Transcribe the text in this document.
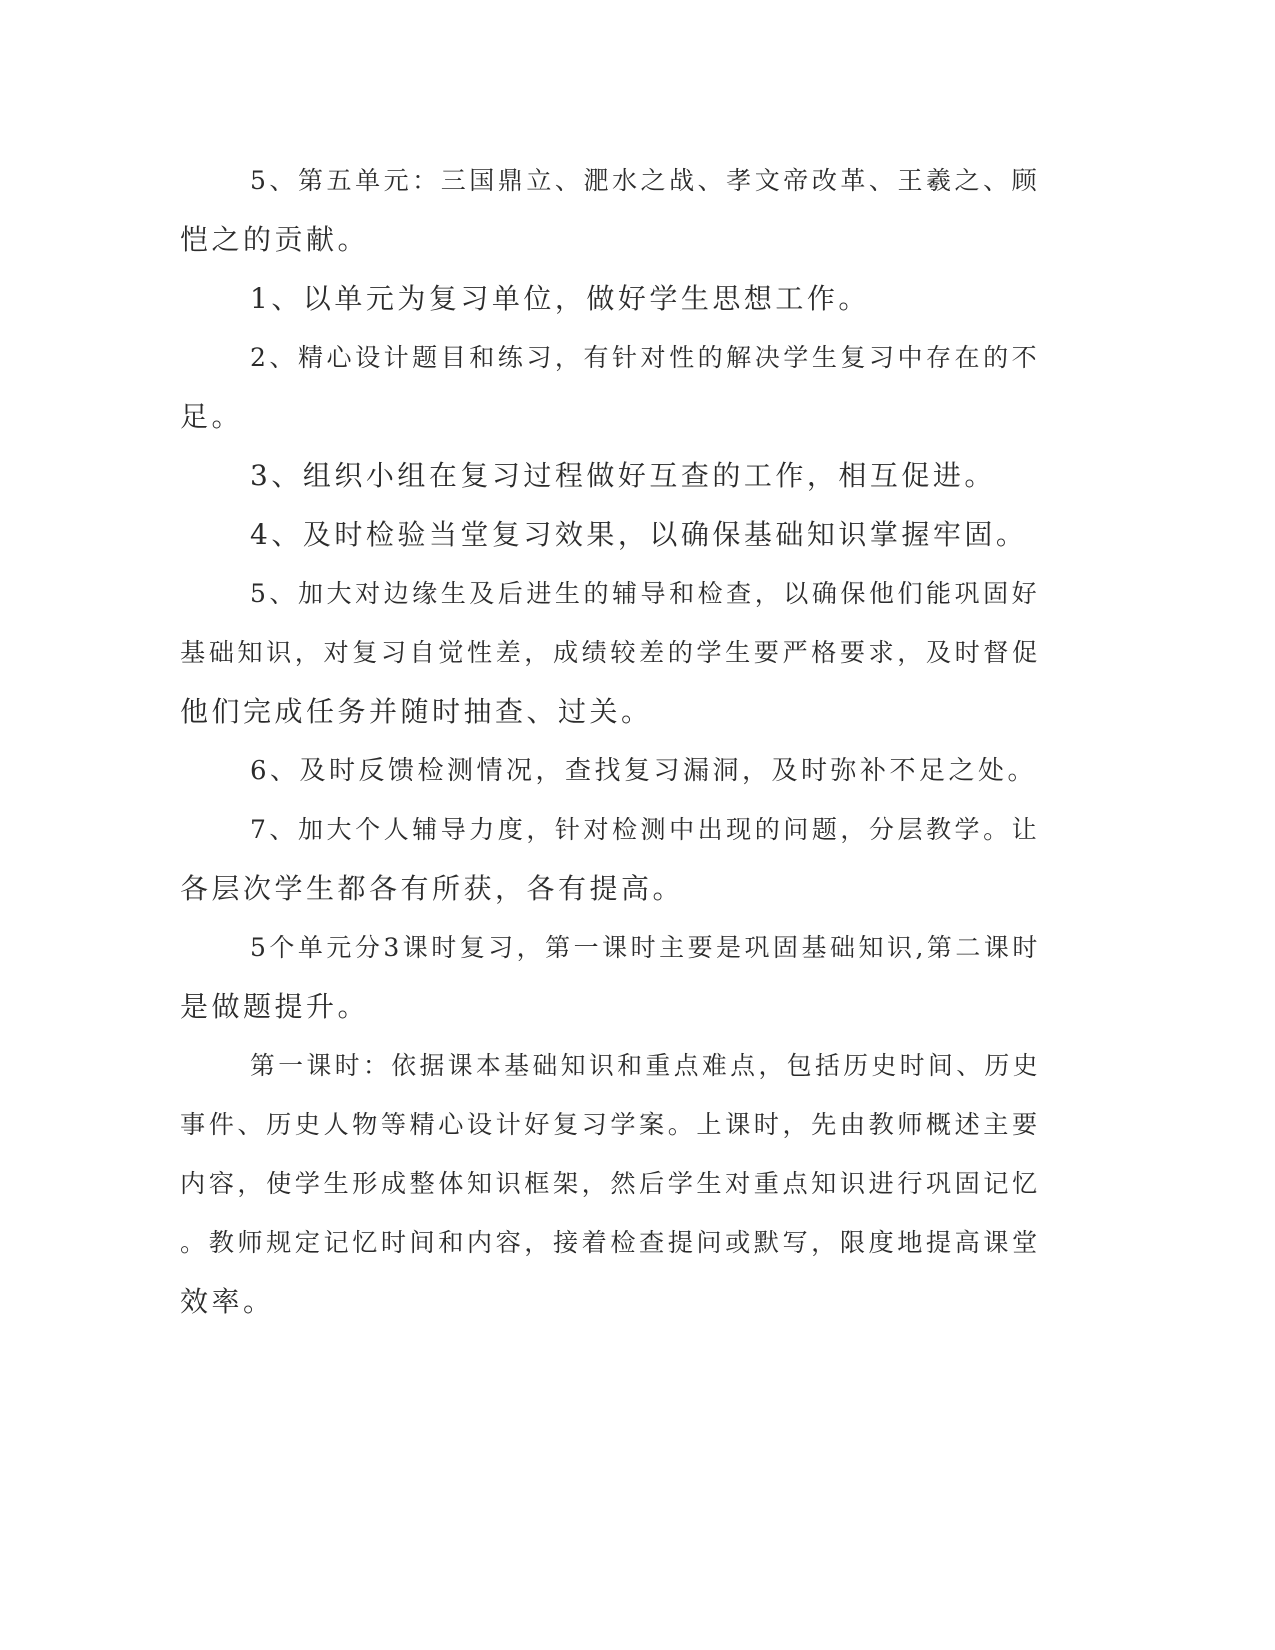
5、第五单元：三国鼎立、淝水之战、孝文帝改革、王羲之、顾

恺之的贡献。

1、以单元为复习单位，做好学生思想工作。

2、精心设计题目和练习，有针对性的解决学生复习中存在的不

足。

3、组织小组在复习过程做好互查的工作，相互促进。

4、及时检验当堂复习效果，以确保基础知识掌握牢固。

5、加大对边缘生及后进生的辅导和检查，以确保他们能巩固好

基础知识，对复习自觉性差，成绩较差的学生要严格要求，及时督促

他们完成任务并随时抽查、过关。

6、及时反馈检测情况，查找复习漏洞，及时弥补不足之处。

7、加大个人辅导力度，针对检测中出现的问题，分层教学。让

各层次学生都各有所获，各有提高。

5个单元分3课时复习，第一课时主要是巩固基础知识,第二课时

是做题提升。

第一课时：依据课本基础知识和重点难点，包括历史时间、历史

事件、历史人物等精心设计好复习学案。上课时，先由教师概述主要

内容，使学生形成整体知识框架，然后学生对重点知识进行巩固记忆

。教师规定记忆时间和内容，接着检查提问或默写，限度地提高课堂

效率。
